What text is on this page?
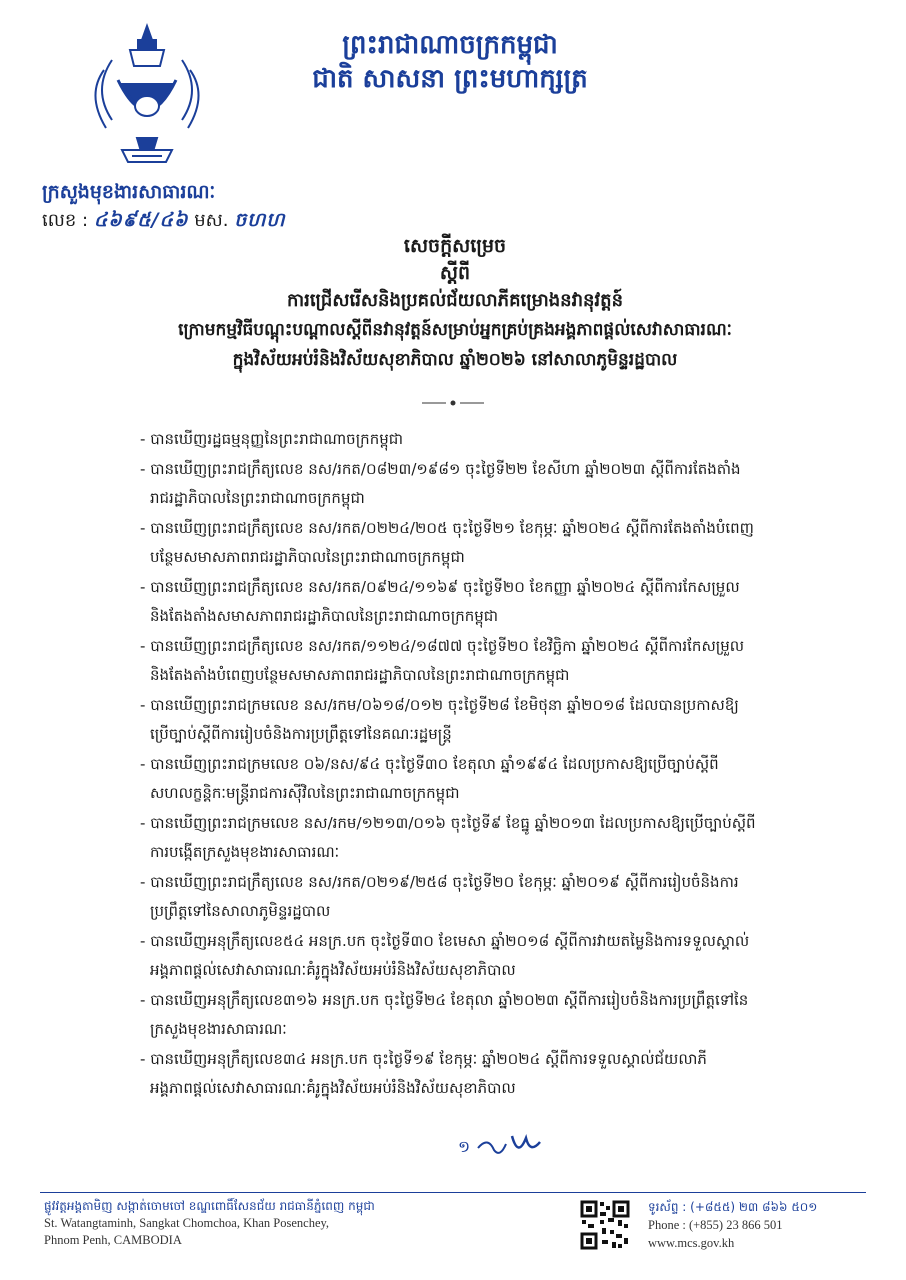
ព្រះរាជាណាចក្រកម្ពុជា
ជាតិ សាសនា ព្រះមហាក្សត្រ
ក្រសួងមុខងារសាធារណៈ
លេខ : ៤៦៩៥/៤៦ មស. ចហហ
សេចក្តីសម្រេច
ស្តីពី
ការជ្រើសរើសនិងប្រគល់ជ័យលាភីគម្រោងនវានុវត្តន៍
ក្រោមកម្មវិធីបណ្តុះបណ្តាលស្តីពីនវានុវត្តន៍សម្រាប់អ្នកគ្រប់គ្រងអង្គភាពផ្តល់សេវាសាធារណៈ
ក្នុងវិស័យអប់រំនិងវិស័យសុខាភិបាល ឆ្នាំ២០២៦ នៅសាលាភូមិន្ទរដ្ឋបាល
- បានឃើញរដ្ឋធម្មនុញ្ញនៃព្រះរាជាណាចក្រកម្ពុជា
- បានឃើញព្រះរាជក្រឹត្យលេខ នស/រកត/០៨២៣/១៩៨១ ចុះថ្ងៃទី២២ ខែសីហា ឆ្នាំ២០២៣ ស្តីពីការតែងតាំង
រាជរដ្ឋាភិបាលនៃព្រះរាជាណាចក្រកម្ពុជា
- បានឃើញព្រះរាជក្រឹត្យលេខ នស/រកត/០២២៤/២០៥ ចុះថ្ងៃទី២១ ខែកុម្ភៈ ឆ្នាំ២០២៤ ស្តីពីការតែងតាំងបំពេញ
បន្ថែមសមាសភាពរាជរដ្ឋាភិបាលនៃព្រះរាជាណាចក្រកម្ពុជា
- បានឃើញព្រះរាជក្រឹត្យលេខ នស/រកត/០៩២៤/១១៦៩ ចុះថ្ងៃទី២០ ខែកញ្ញា ឆ្នាំ២០២៤ ស្តីពីការកែសម្រួល
និងតែងតាំងសមាសភាពរាជរដ្ឋាភិបាលនៃព្រះរាជាណាចក្រកម្ពុជា
- បានឃើញព្រះរាជក្រឹត្យលេខ នស/រកត/១១២៤/១៨៧៧ ចុះថ្ងៃទី២០ ខែវិច្ឆិកា ឆ្នាំ២០២៤ ស្តីពីការកែសម្រួល
និងតែងតាំងបំពេញបន្ថែមសមាសភាពរាជរដ្ឋាភិបាលនៃព្រះរាជាណាចក្រកម្ពុជា
- បានឃើញព្រះរាជក្រមលេខ នស/រកម/០៦១៨/០១២ ចុះថ្ងៃទី២៨ ខែមិថុនា ឆ្នាំ២០១៨ ដែលបានប្រកាសឱ្យ
ប្រើច្បាប់ស្តីពីការរៀបចំនិងការប្រព្រឹត្តទៅនៃគណៈរដ្ឋមន្ត្រី
- បានឃើញព្រះរាជក្រមលេខ ០៦/នស/៩៤ ចុះថ្ងៃទី៣០ ខែតុលា ឆ្នាំ១៩៩៤ ដែលប្រកាសឱ្យប្រើច្បាប់ស្តីពី
សហលក្ខន្តិកៈមន្ត្រីរាជការស៊ីវិលនៃព្រះរាជាណាចក្រកម្ពុជា
- បានឃើញព្រះរាជក្រមលេខ នស/រកម/១២១៣/០១៦ ចុះថ្ងៃទី៩ ខែធ្នូ ឆ្នាំ២០១៣ ដែលប្រកាសឱ្យប្រើច្បាប់ស្តីពី
ការបង្កើតក្រសួងមុខងារសាធារណៈ
- បានឃើញព្រះរាជក្រឹត្យលេខ នស/រកត/០២១៩/២៥៨ ចុះថ្ងៃទី២០ ខែកុម្ភៈ ឆ្នាំ២០១៩ ស្តីពីការរៀបចំនិងការ
ប្រព្រឹត្តទៅនៃសាលាភូមិន្ទរដ្ឋបាល
- បានឃើញអនុក្រឹត្យលេខ៥៤ អនក្រ.បក ចុះថ្ងៃទី៣០ ខែមេសា ឆ្នាំ២០១៨ ស្តីពីការវាយតម្លៃនិងការទទួលស្គាល់
អង្គភាពផ្តល់សេវាសាធារណៈគំរូក្នុងវិស័យអប់រំនិងវិស័យសុខាភិបាល
- បានឃើញអនុក្រឹត្យលេខ៣១៦ អនក្រ.បក ចុះថ្ងៃទី២៤ ខែតុលា ឆ្នាំ២០២៣ ស្តីពីការរៀបចំនិងការប្រព្រឹត្តទៅនៃ
ក្រសួងមុខងារសាធារណៈ
- បានឃើញអនុក្រឹត្យលេខ៣៤ អនក្រ.បក ចុះថ្ងៃទី១៩ ខែកុម្ភៈ ឆ្នាំ២០២៤ ស្តីពីការទទួលស្គាល់ជ័យលាភី
អង្គភាពផ្តល់សេវាសាធារណៈគំរូក្នុងវិស័យអប់រំនិងវិស័យសុខាភិបាល
១
ផ្លូវវត្តអង្គតាមិញ សង្កាត់ចោមចៅ ខណ្ឌពោធិ៍សែនជ័យ រាជធានីភ្នំពេញ កម្ពុជា
St. Watangtaminh, Sangkat Chomchoa, Khan Posenchey,
Phnom Penh, CAMBODIA
ទូរស័ព្ទ : (+៨៥៥) ២៣ ៨៦៦ ៥០១
Phone : (+855) 23 866 501
www.mcs.gov.kh
